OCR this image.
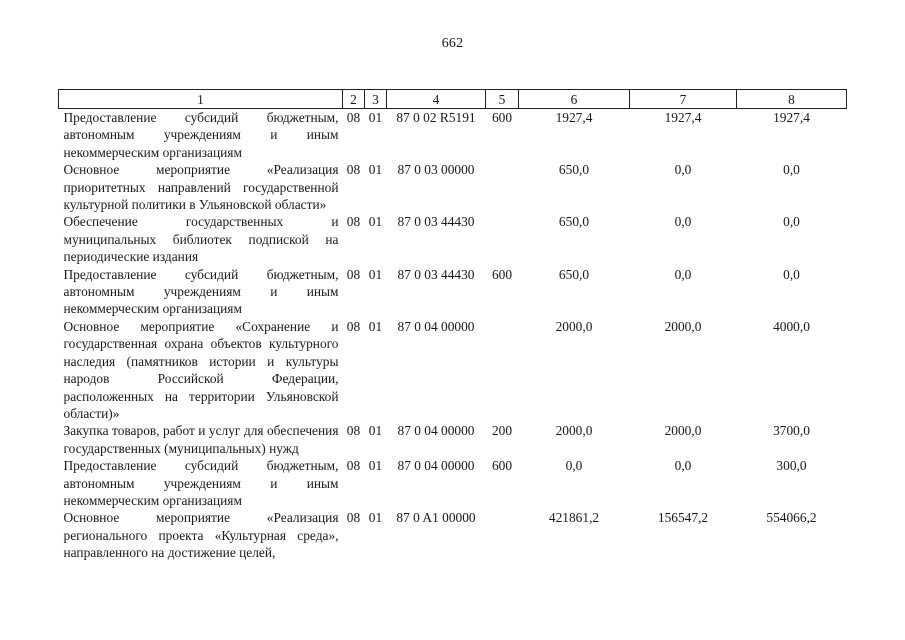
662
1	2	3	4	5	6	7	8
Предоставление субсидий бюджетным, автономным учреждениям и иным некоммерческим организациям	08	01	87 0 02 R5191	600	1927,4	1927,4	1927,4
Основное мероприятие «Реализация приоритетных направлений государственной культурной политики в Ульяновской области»	08	01	87 0 03 00000		650,0	0,0	0,0
Обеспечение государственных и муниципальных библиотек подпиской на периодические издания	08	01	87 0 03 44430		650,0	0,0	0,0
Предоставление субсидий бюджетным, автономным учреждениям и иным некоммерческим организациям	08	01	87 0 03 44430	600	650,0	0,0	0,0
Основное мероприятие «Сохранение и государственная охрана объектов культурного наследия (памятников истории и культуры народов Российской Федерации, расположенных на территории Ульяновской области)»	08	01	87 0 04 00000		2000,0	2000,0	4000,0
Закупка товаров, работ и услуг для обеспечения государственных (муниципальных) нужд	08	01	87 0 04 00000	200	2000,0	2000,0	3700,0
Предоставление субсидий бюджетным, автономным учреждениям и иным некоммерческим организациям	08	01	87 0 04 00000	600	0,0	0,0	300,0
Основное мероприятие «Реализация регионального проекта «Культурная среда», направленного на достижение целей,	08	01	87 0 A1 00000		421861,2	156547,2	554066,2
